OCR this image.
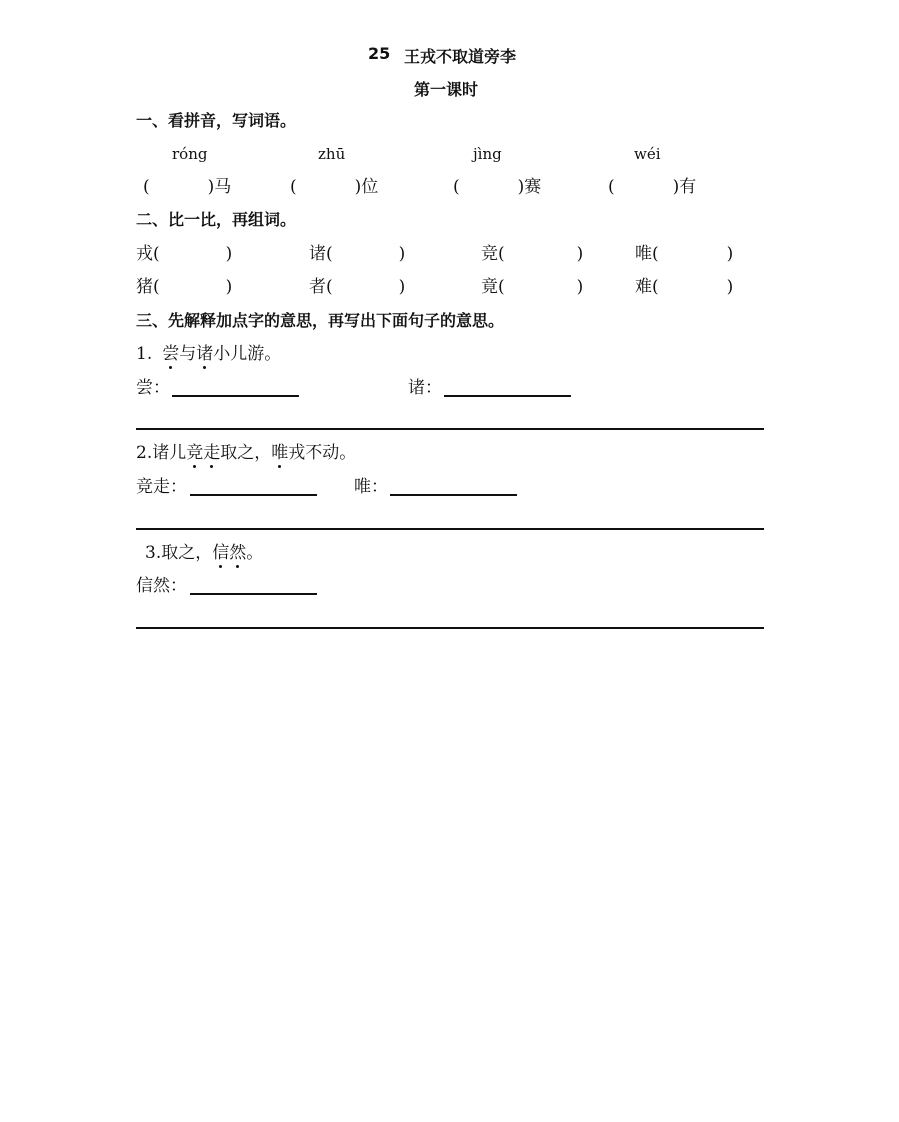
25 王戎不取道旁李
第一课时
一、看拼音，写词语。
róng	zhū	jìng	wéi
(	)马	(	)位	(	)赛	(	)有
二、比一比，再组词。
戎(	)	诸(	)	竞(	)	唯(	)
猪(	)	者(	)	竟(	)	难(	)
三、先解释加点字的意思，再写出下面句子的意思。
1. 尝与诸小儿游。
尝：	诸：
2.诸儿竞走取之，唯戎不动。
竞走：	唯：
3.取之，信然。
信然：
